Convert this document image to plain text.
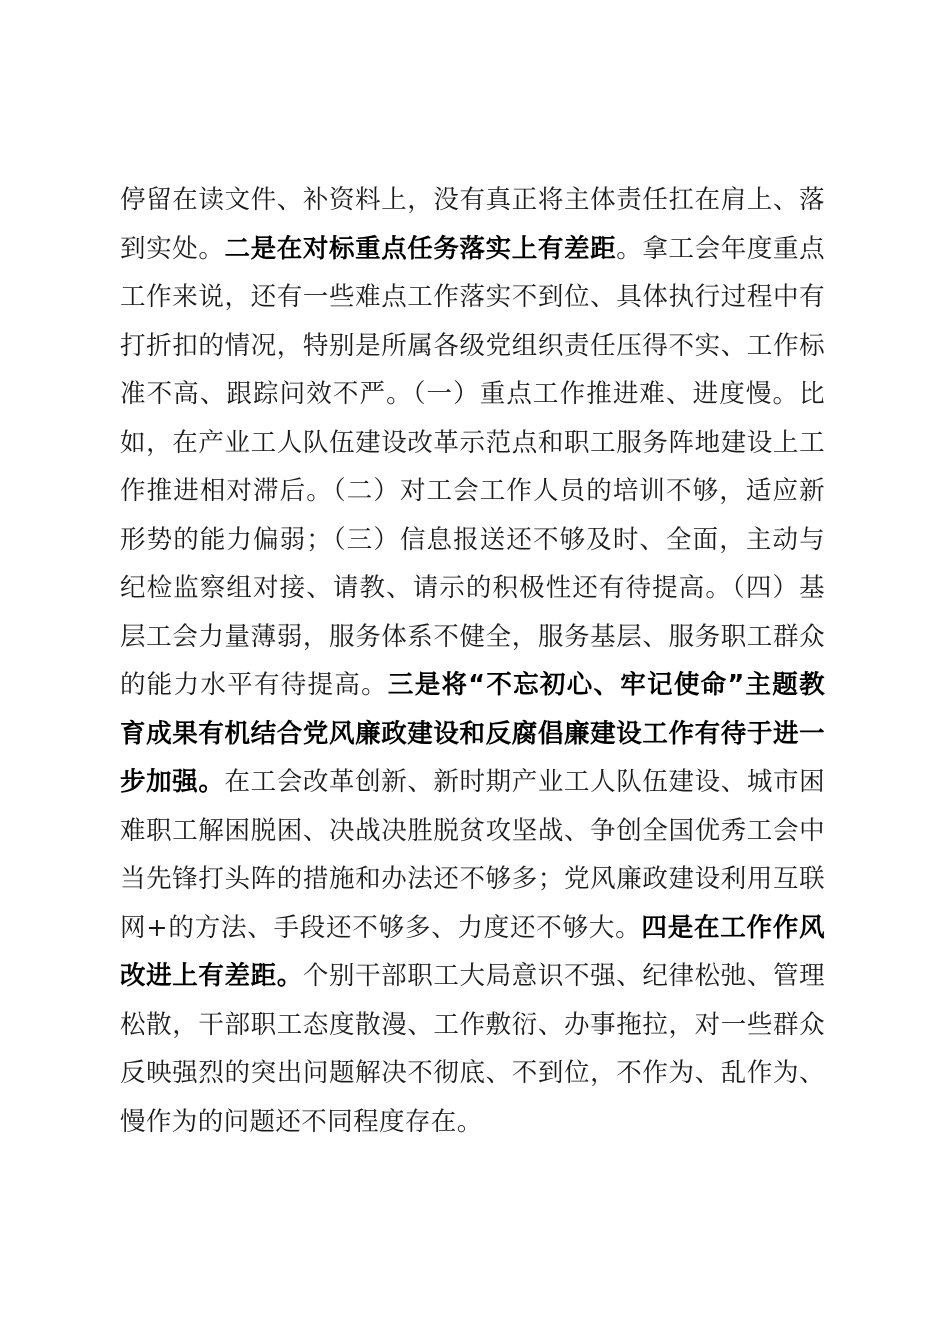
停留在读文件、补资料上，没有真正将主体责任扛在肩上、落到实处。二是在对标重点任务落实上有差距。拿工会年度重点工作来说，还有一些难点工作落实不到位、具体执行过程中有打折扣的情况，特别是所属各级党组织责任压得不实、工作标准不高、跟踪问效不严。（一）重点工作推进难、进度慢。比如，在产业工人队伍建设改革示范点和职工服务阵地建设上工作推进相对滞后。（二）对工会工作人员的培训不够，适应新形势的能力偏弱；（三）信息报送还不够及时、全面，主动与纪检监察组对接、请教、请示的积极性还有待提高。（四）基层工会力量薄弱，服务体系不健全，服务基层、服务职工群众的能力水平有待提高。三是将“不忘初心、牢记使命”主题教育成果有机结合党风廉政建设和反腐倡廉建设工作有待于进一步加强。在工会改革创新、新时期产业工人队伍建设、城市困难职工解困脱困、决战决胜脱贫攻坚战、争创全国优秀工会中当先锋打头阵的措施和办法还不够多；党风廉政建设利用互联网+的方法、手段还不够多、力度还不够大。四是在工作作风改进上有差距。个别干部职工大局意识不强、纪律松弛、管理松散，干部职工态度散漫、工作敷衍、办事拖拉，对一些群众反映强烈的突出问题解决不彻底、不到位，不作为、乱作为、慢作为的问题还不同程度存在。
